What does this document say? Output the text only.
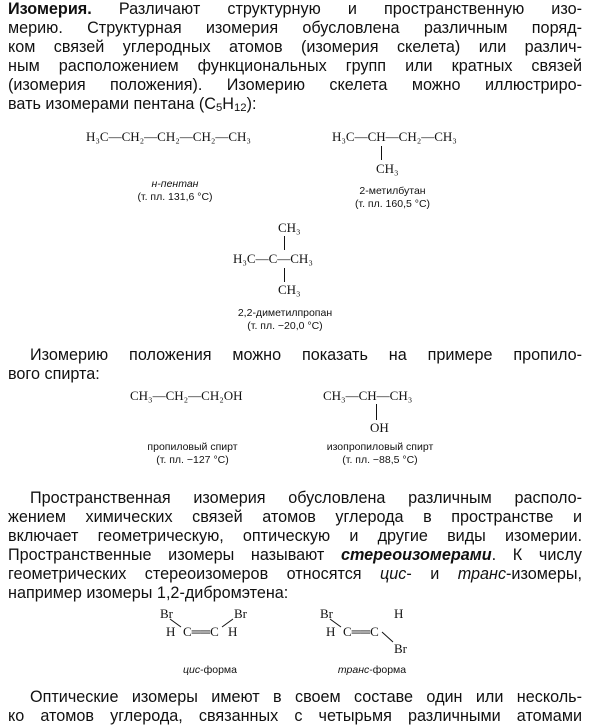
Изомерия. Различают структурную и пространственную изо-
мерию. Структурная изомерия обусловлена различным поряд-
ком связей углеродных атомов (изомерия скелета) или различ-
ным расположением функциональных групп или кратных связей
(изомерия положения). Изомерию скелета можно иллюстриро-
вать изомерами пентана $(C_5H_{12})$:
H₃C—CH₂—CH₂—CH₂—CH₃
н-пентан
(т. пл. 131,6 °C)
H₃C—CH—CH₂—CH₃
CH₃
2-метилбутан
(т. пл. 160,5 °C)
CH₃
H₃C—C—CH₃
CH₃
2,2-диметилпропан
(т. пл. −20,0 °C)
Изомерию положения можно показать на примере пропило-
вого спирта:
CH₃—CH₂—CH₂OH
пропиловый спирт
(т. пл. −127 °C)
CH₃—CH—CH₃
OH
изопропиловый спирт
(т. пл. −88,5 °C)
Пространственная изомерия обусловлена различным располо-
жением химических связей атомов углерода в пространстве и
включает геометрическую, оптическую и другие виды изомерии.
Пространственные изомеры называют стереоизомерами. К числу
геометрических стереоизомеров относятся цис- и транс-изомеры,
например изомеры 1,2-дибромэтена:
Br	Br
H C══C H
цис-форма
Br	H
H C══C
Br
транс-форма
Оптические изомеры имеют в своем составе один или несколь-
ко атомов углерода, связанных с четырьмя различными атомами
